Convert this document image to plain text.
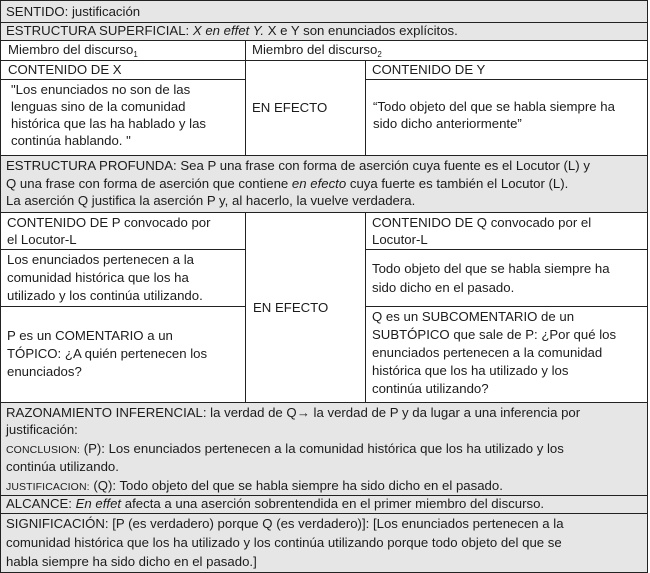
SENTIDO: justificación
ESTRUCTURA SUPERFICIAL: X en effet Y. X e Y son enunciados explícitos.
Miembro del discurso$_1$	Miembro del discurso$_2$
CONTENIDO DE X
"Los enunciados no son de las
lenguas sino de la comunidad
histórica que las ha hablado y las
continúa hablando. "
EN EFECTO
CONTENIDO DE Y
“Todo objeto del que se habla siempre ha
sido dicho anteriormente”
ESTRUCTURA PROFUNDA: Sea P una frase con forma de aserción cuya fuente es el Locutor (L) y
Q una frase con forma de aserción que contiene en efecto cuya fuerte es también el Locutor (L).
La aserción Q justifica la aserción P y, al hacerlo, la vuelve verdadera.
CONTENIDO DE P convocado por
el Locutor-L
Los enunciados pertenecen a la
comunidad histórica que los ha
utilizado y los continúa utilizando.
P es un COMENTARIO a un
TÓPICO: ¿A quién pertenecen los
enunciados?
EN EFECTO
CONTENIDO DE Q convocado por el
Locutor-L
Todo objeto del que se habla siempre ha
sido dicho en el pasado.
Q es un SUBCOMENTARIO de un
SUBTÓPICO que sale de P: ¿Por qué los
enunciados pertenecen a la comunidad
histórica que los ha utilizado y los
continúa utilizando?
RAZONAMIENTO INFERENCIAL: la verdad de Q→ la verdad de P y da lugar a una inferencia por
justificación:
CONCLUSION: (P): Los enunciados pertenecen a la comunidad histórica que los ha utilizado y los
continúa utilizando.
JUSTIFICACION: (Q): Todo objeto del que se habla siempre ha sido dicho en el pasado.
ALCANCE: En effet afecta a una aserción sobrentendida en el primer miembro del discurso.
SIGNIFICACIÓN: [P (es verdadero) porque Q (es verdadero)]: [Los enunciados pertenecen a la
comunidad histórica que los ha utilizado y los continúa utilizando porque todo objeto del que se
habla siempre ha sido dicho en el pasado.]
